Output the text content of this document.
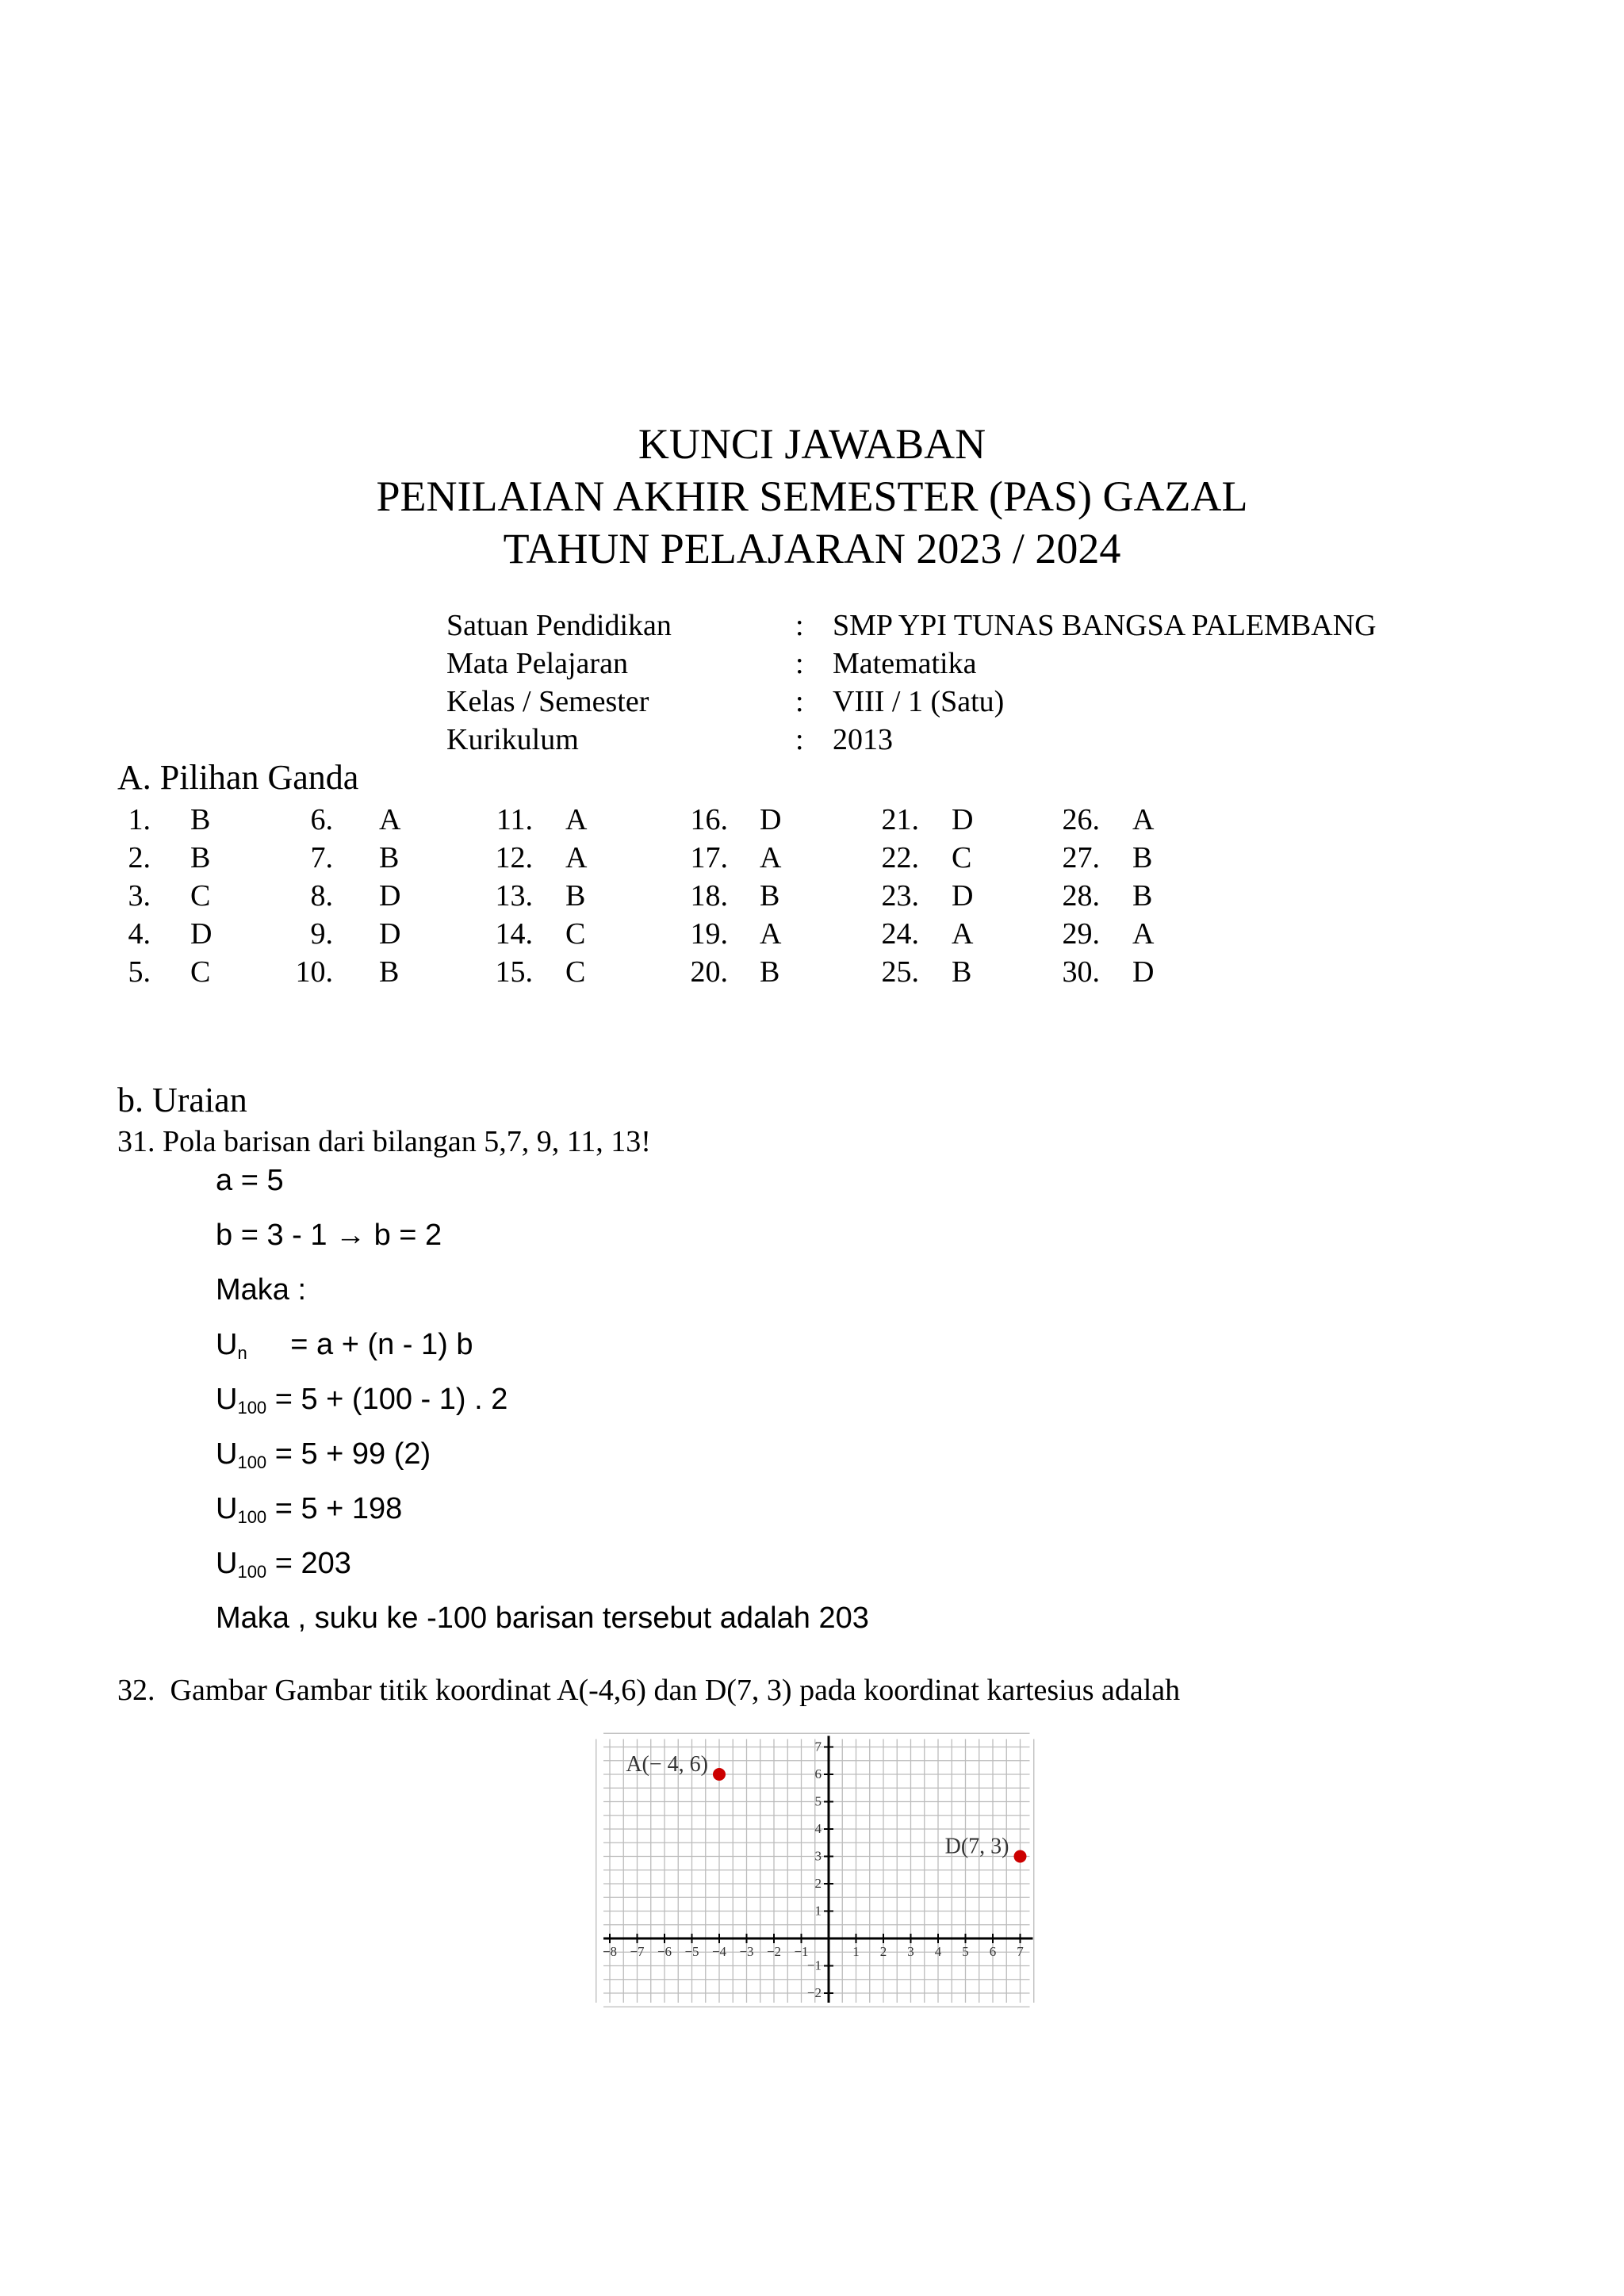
KUNCI JAWABAN
PENILAIAN AKHIR SEMESTER (PAS) GAZAL
TAHUN PELAJARAN 2023 / 2024
Satuan Pendidikan	: SMP YPI TUNAS BANGSA PALEMBANG
Mata Pelajaran	: Matematika
Kelas / Semester	: VIII / 1 (Satu)
Kurikulum	: 2013
A. Pilihan Ganda
1. B
2. B
3. C
4. D
5. C
6. A
7. B
8. D
9. D
10. B
11. A
12. A
13. B
14. C
15. C
16. D
17. A
18. B
19. A
20. B
21. D
22. C
23. D
24. A
25. B
26. A
27. B
28. B
29. A
30. D
b. Uraian
31. Pola barisan dari bilangan 5,7, 9, 11, 13!
a = 5
b = 3 - 1 → b = 2
Maka :
$U_n = a + (n - 1)$ b
$U_{100} = 5 + (100 - 1)$ . 2
$U_{100} = 5 + 99$ (2)
$U_{100} = 5 + 198$
$U_{100} = 203$
Maka , suku ke -100 barisan tersebut adalah 203
32.  Gambar Gambar titik koordinat A(-4,6) dan D(7, 3) pada koordinat kartesius adalah
−8 −7 −6 −5 −4 −3 −2 −1	1 2 3 4 5 6 7
7
6
5
4
3
2
1
−1
−2
A(− 4, 6)
D(7, 3)
